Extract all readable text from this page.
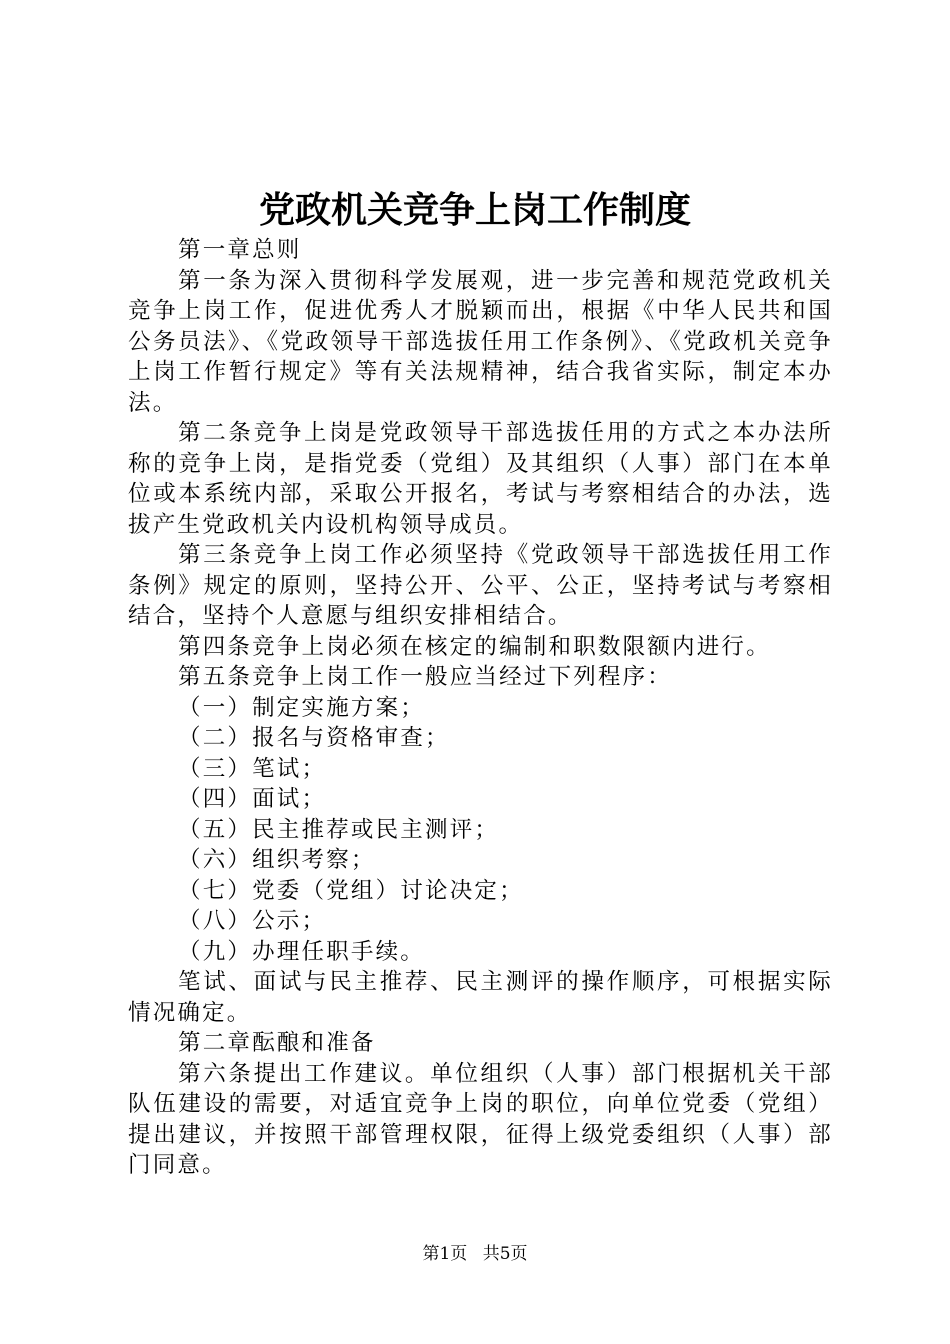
党政机关竞争上岗工作制度

第一章总则

第一条为深入贯彻科学发展观，进一步完善和规范党政机关竞争上岗工作，促进优秀人才脱颖而出，根据《中华人民共和国公务员法》、《党政领导干部选拔任用工作条例》、《党政机关竞争上岗工作暂行规定》等有关法规精神，结合我省实际，制定本办法。

第二条竞争上岗是党政领导干部选拔任用的方式之本办法所称的竞争上岗，是指党委（党组）及其组织（人事）部门在本单位或本系统内部，采取公开报名，考试与考察相结合的办法，选拔产生党政机关内设机构领导成员。

第三条竞争上岗工作必须坚持《党政领导干部选拔任用工作条例》规定的原则，坚持公开、公平、公正，坚持考试与考察相结合，坚持个人意愿与组织安排相结合。

第四条竞争上岗必须在核定的编制和职数限额内进行。

第五条竞争上岗工作一般应当经过下列程序：

（一）制定实施方案；

（二）报名与资格审查；

（三）笔试；

（四）面试；

（五）民主推荐或民主测评；

（六）组织考察；

（七）党委（党组）讨论决定；

（八）公示；

（九）办理任职手续。

笔试、面试与民主推荐、民主测评的操作顺序，可根据实际情况确定。

第二章酝酿和准备

第六条提出工作建议。单位组织（人事）部门根据机关干部队伍建设的需要，对适宜竞争上岗的职位，向单位党委（党组）提出建议，并按照干部管理权限，征得上级党委组织（人事）部门同意。

第1页 共5页
